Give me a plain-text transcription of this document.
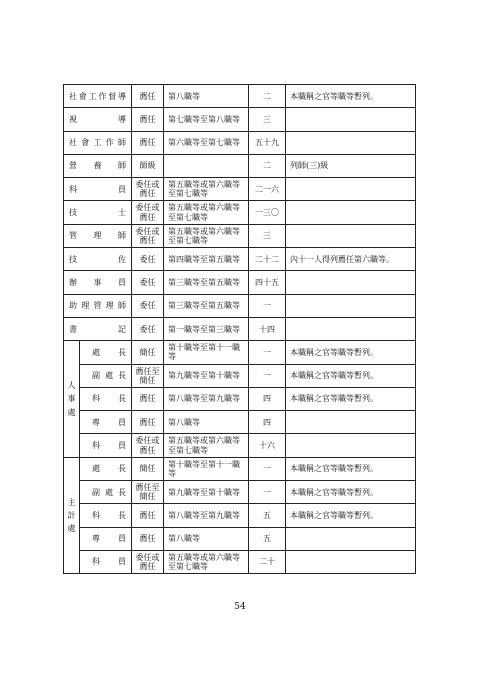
社會工作督導		薦任	第八職等	二	本職稱之官等職等暫列。
視　　　　導		薦任	第七職等至第八職等	三	
社會工作師		薦任	第六職等至第七職等	五十九	
營　養　師		師級		二	列師(三)級
科　　　員		委任或薦任	第五職等或第六職等至第七職等	二一六	
技　　　士		委任或薦任	第五職等或第六職等至第七職等	一三〇	
管　理　師		委任或薦任	第五職等或第六職等至第七職等	三	
技　　　佐		委任	第四職等至第五職等	二十二	內十一人得列薦任第六職等。
辦　事　員		委任	第三職等至第五職等	四十五	
助理管理師		委任	第三職等至第五職等	一	
書　　　記		委任	第一職等至第三職等	十四	

人
事
處	處　　長	簡任	第十職等至第十一職等	一	本職稱之官等職等暫列。
	副 處 長	薦任至簡任	第九職等至第十職等	一	本職稱之官等職等暫列。
	科　　長	薦任	第八職等至第九職等	四	本職稱之官等職等暫列。
	專　　員	薦任	第八職等	四	
	科　　員	委任或薦任	第五職等或第六職等至第七職等	十六	

主
計
處	處　　長	簡任	第十職等至第十一職等	一	本職稱之官等職等暫列。
	副 處 長	薦任至簡任	第九職等至第十職等	一	本職稱之官等職等暫列。
	科　　長	薦任	第八職等至第九職等	五	本職稱之官等職等暫列。
	專　　員	薦任	第八職等	五	
	科　　員	委任或薦任	第五職等或第六職等至第七職等	二十	
54
